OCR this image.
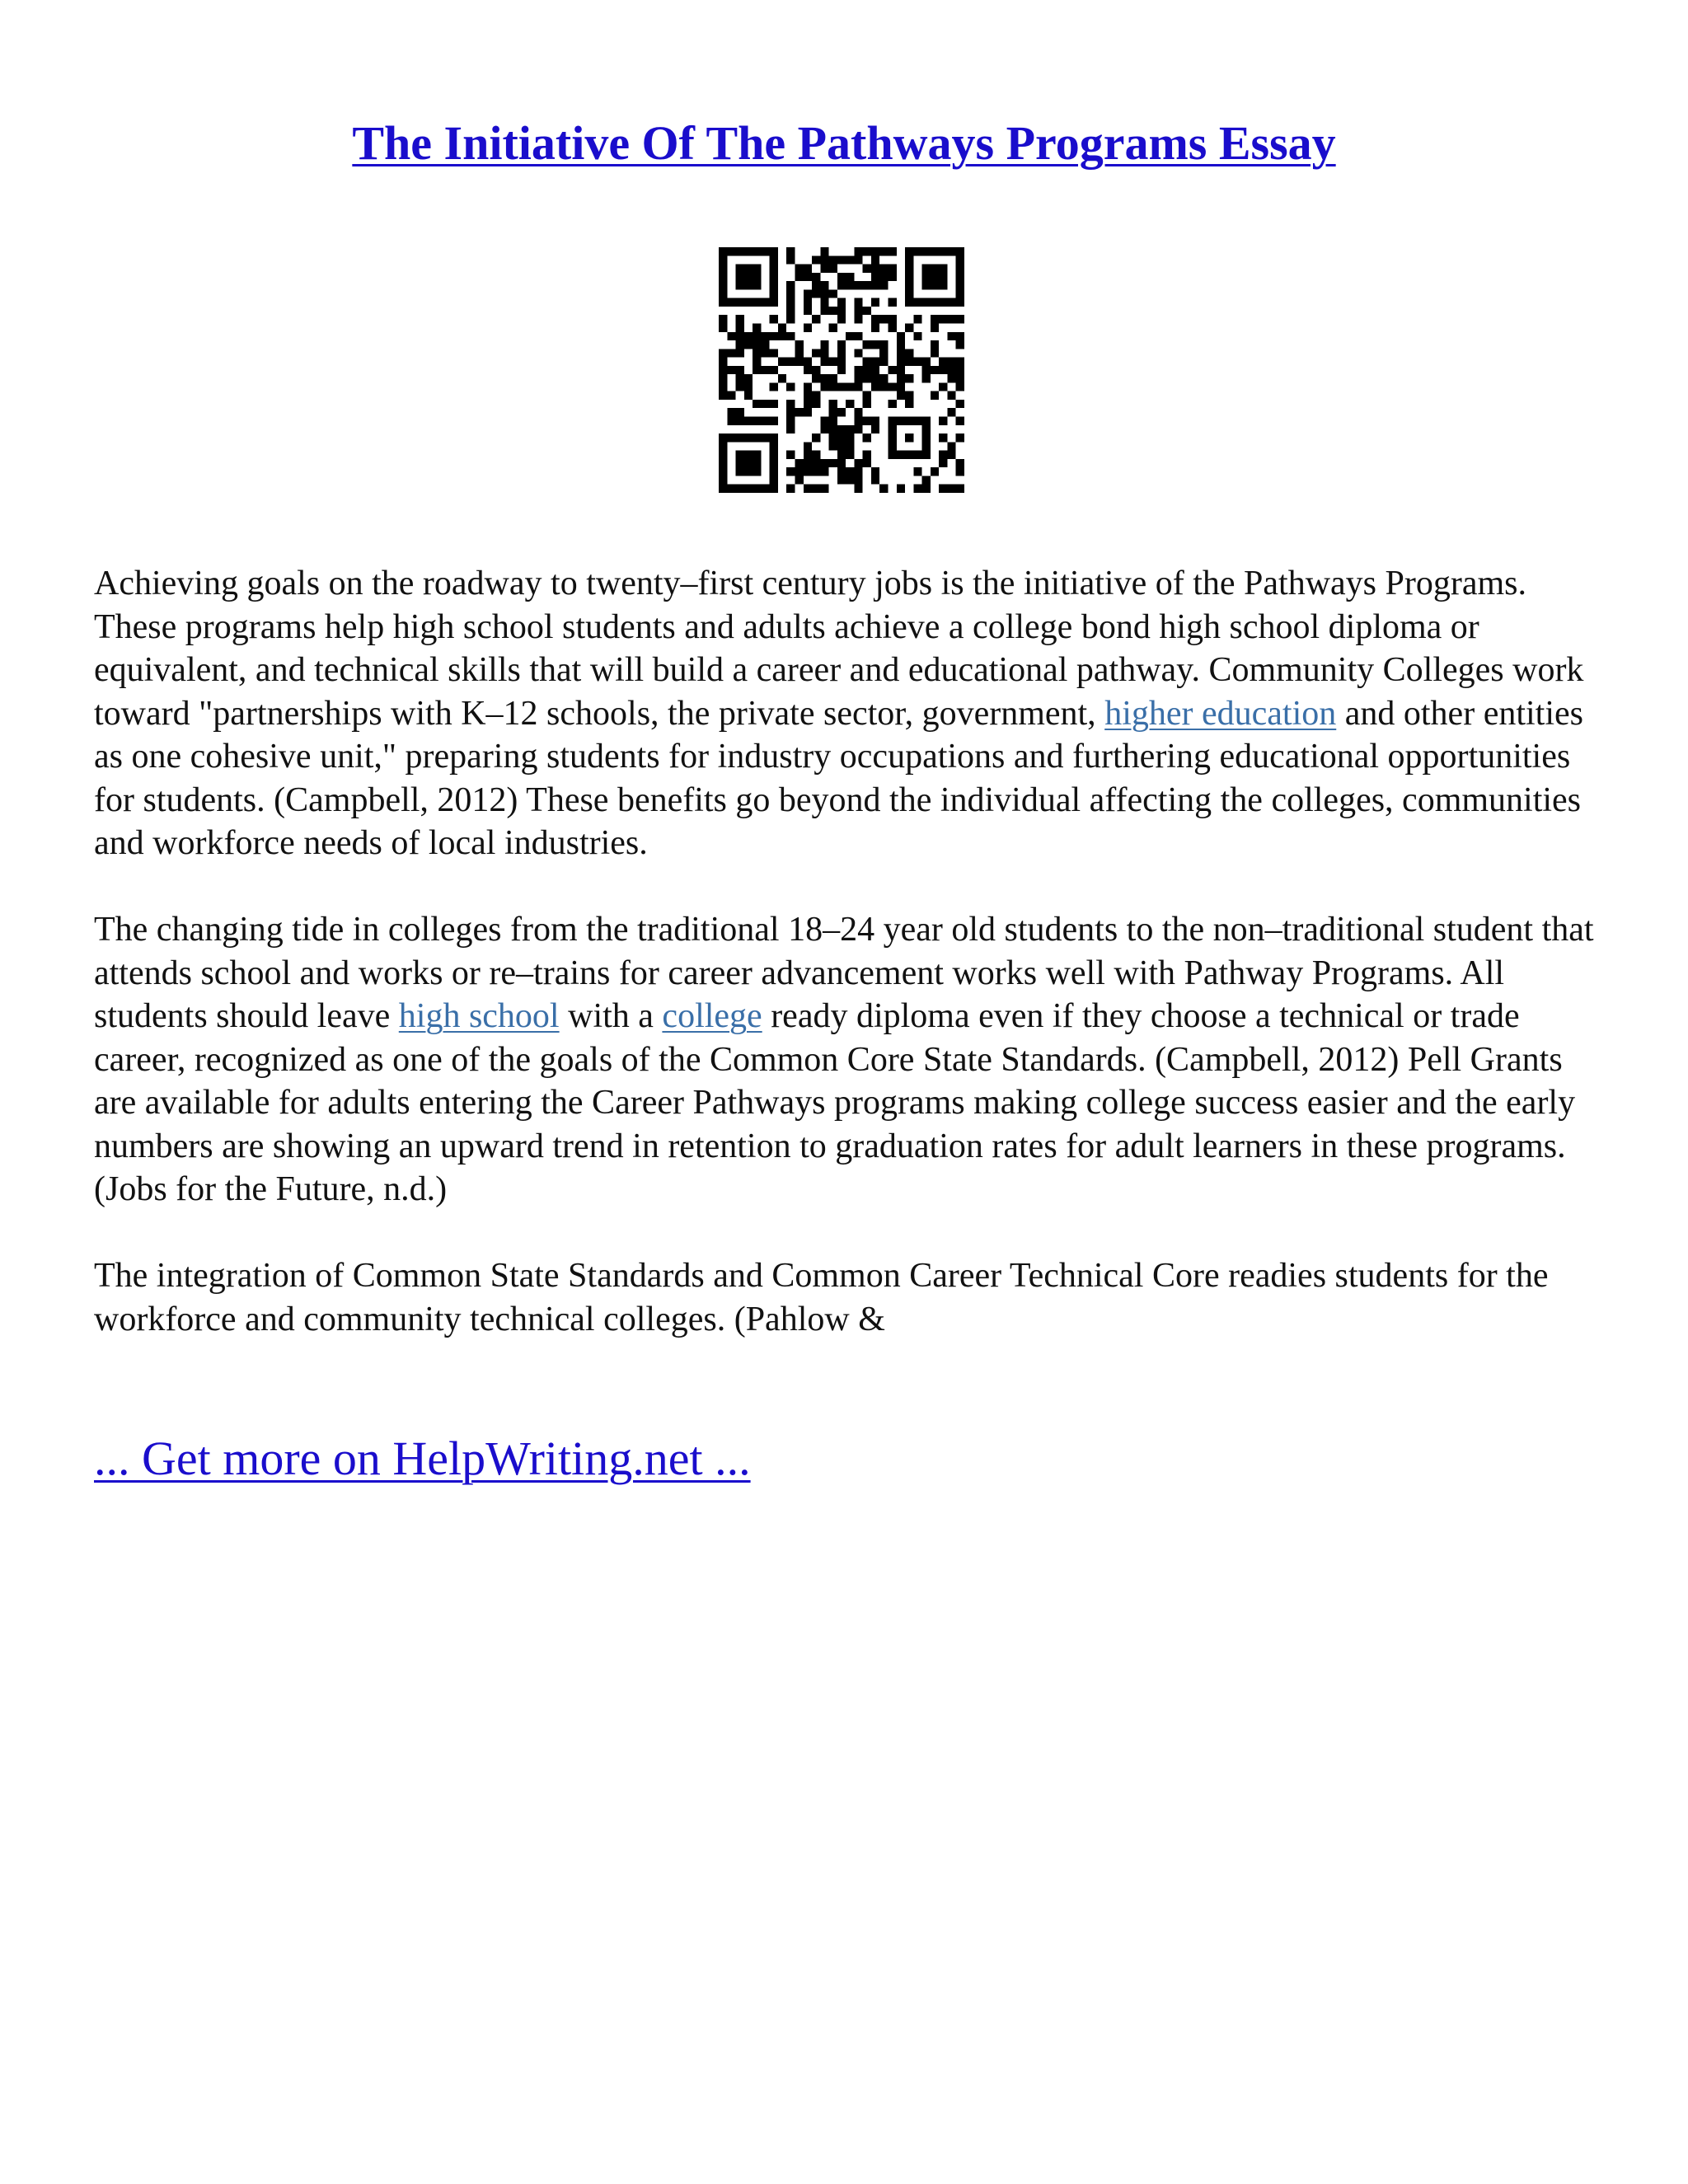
The Initiative Of The Pathways Programs Essay

Achieving goals on the roadway to twenty–first century jobs is the initiative of the Pathways Programs. These programs help high school students and adults achieve a college bond high school diploma or equivalent, and technical skills that will build a career and educational pathway. Community Colleges work toward "partnerships with K–12 schools, the private sector, government, higher education and other entities as one cohesive unit," preparing students for industry occupations and furthering educational opportunities for students. (Campbell, 2012) These benefits go beyond the individual affecting the colleges, communities and workforce needs of local industries.

The changing tide in colleges from the traditional 18–24 year old students to the non–traditional student that attends school and works or re–trains for career advancement works well with Pathway Programs. All students should leave high school with a college ready diploma even if they choose a technical or trade career, recognized as one of the goals of the Common Core State Standards. (Campbell, 2012) Pell Grants are available for adults entering the Career Pathways programs making college success easier and the early numbers are showing an upward trend in retention to graduation rates for adult learners in these programs. (Jobs for the Future, n.d.)

The integration of Common State Standards and Common Career Technical Core readies students for the workforce and community technical colleges. (Pahlow &

... Get more on HelpWriting.net ...
